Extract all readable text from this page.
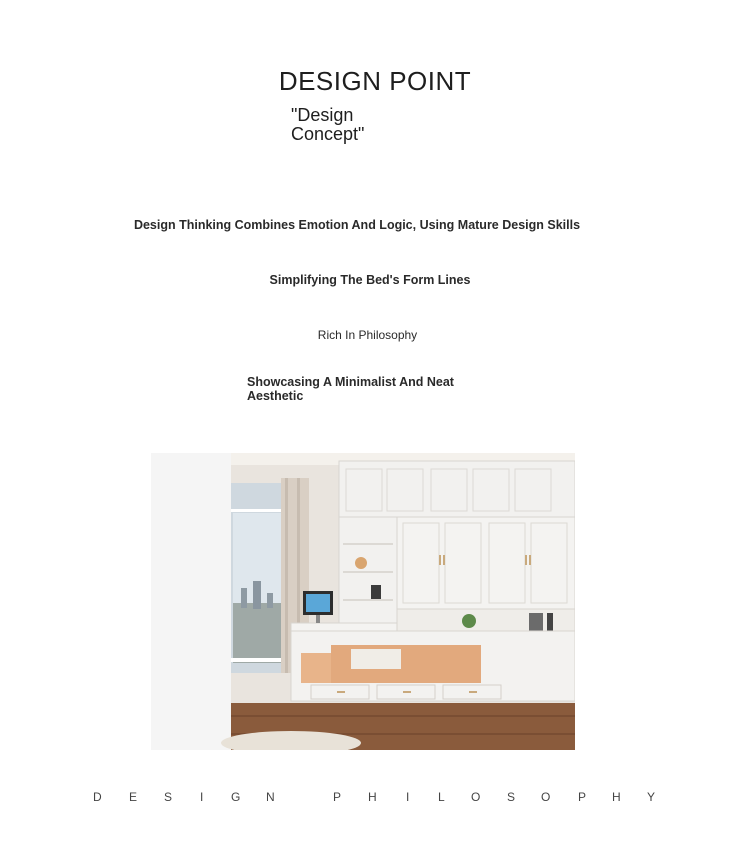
DESIGN POINT
"Design Concept"
Design Thinking Combines Emotion And Logic, Using Mature Design Skills
Simplifying The Bed's Form Lines
Rich In Philosophy
Showcasing A Minimalist And Neat Aesthetic
D E S I G N	P H I L O S O P H Y
